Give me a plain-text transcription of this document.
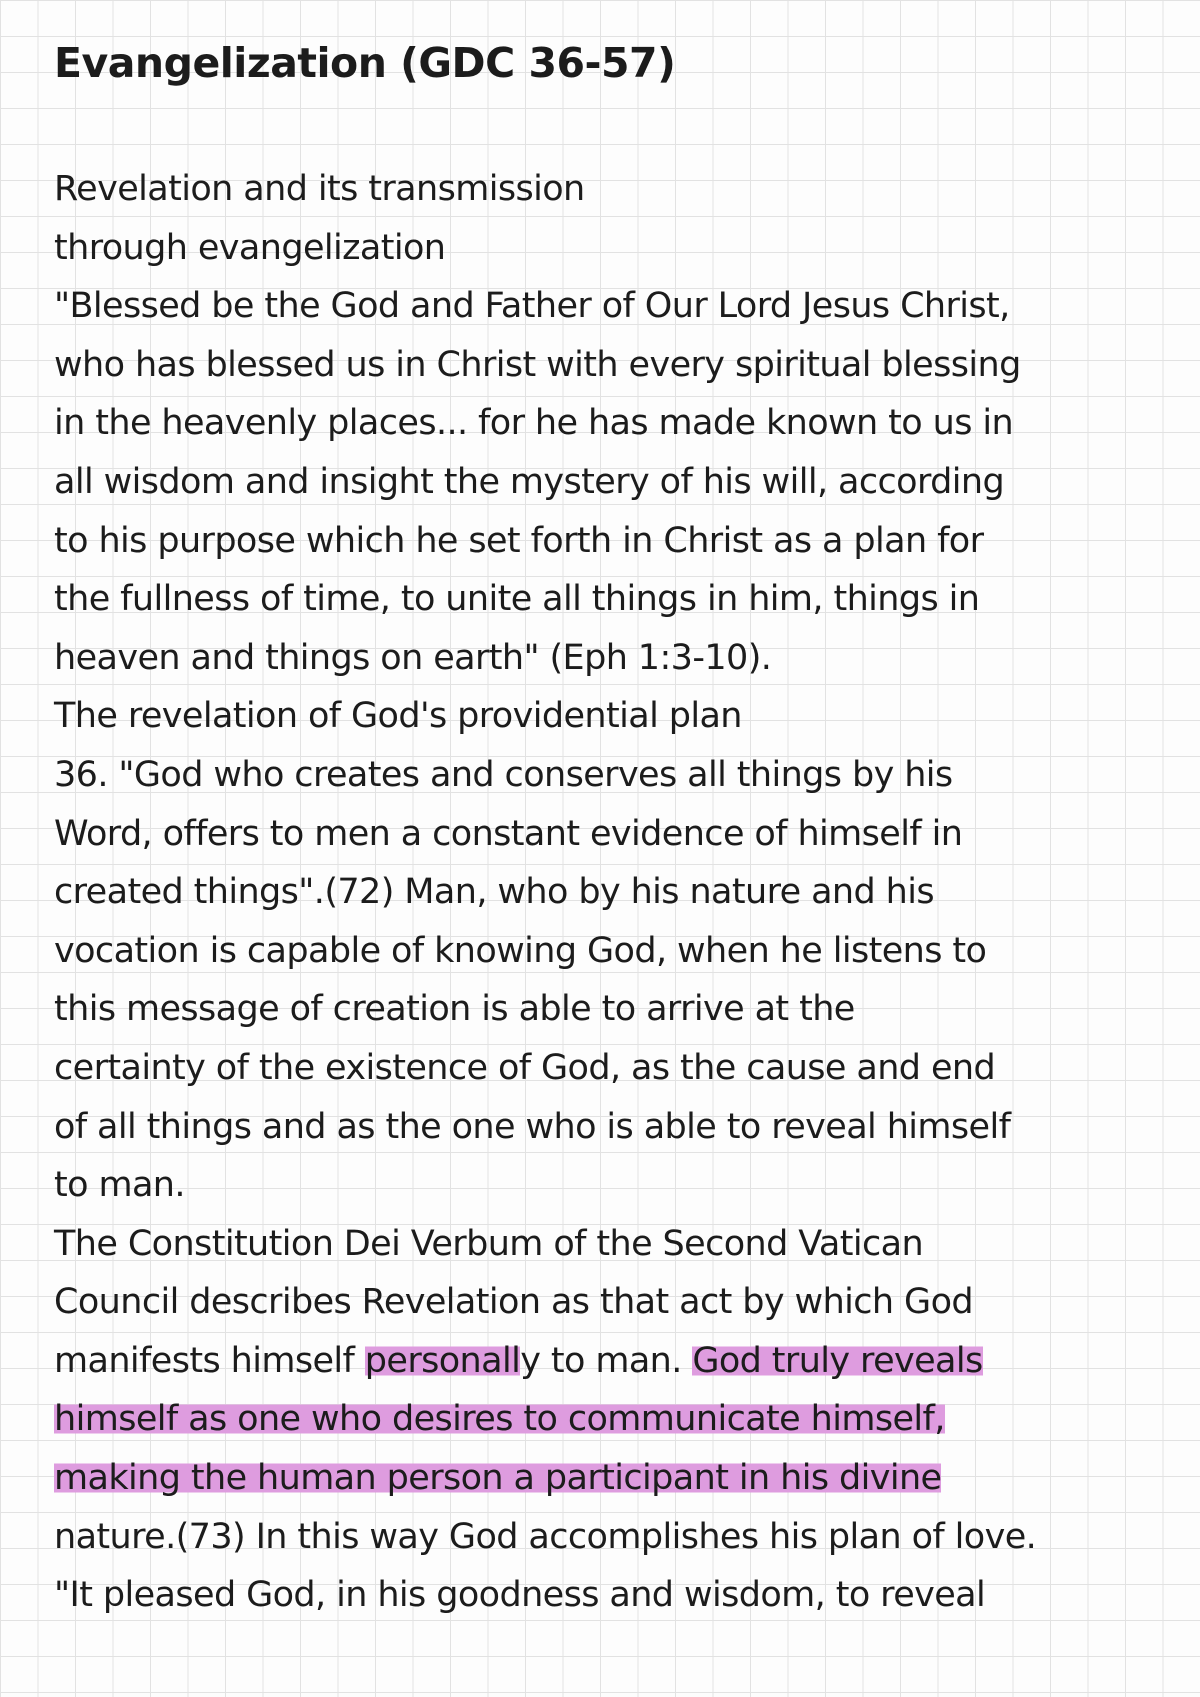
Evangelization (GDC 36-57)
Revelation and its transmission
through evangelization
"Blessed be the God and Father of Our Lord Jesus Christ,
who has blessed us in Christ with every spiritual blessing
in the heavenly places... for he has made known to us in
all wisdom and insight the mystery of his will, according
to his purpose which he set forth in Christ as a plan for
the fullness of time, to unite all things in him, things in
heaven and things on earth" (Eph 1:3-10).
The revelation of God's providential plan
36. "God who creates and conserves all things by his
Word, offers to men a constant evidence of himself in
created things".(72) Man, who by his nature and his
vocation is capable of knowing God, when he listens to
this message of creation is able to arrive at the
certainty of the existence of God, as the cause and end
of all things and as the one who is able to reveal himself
to man.
The Constitution Dei Verbum of the Second Vatican
Council describes Revelation as that act by which God
manifests himself personally to man. God truly reveals
himself as one who desires to communicate himself,
making the human person a participant in his divine
nature.(73) In this way God accomplishes his plan of love.
"It pleased God, in his goodness and wisdom, to reveal
